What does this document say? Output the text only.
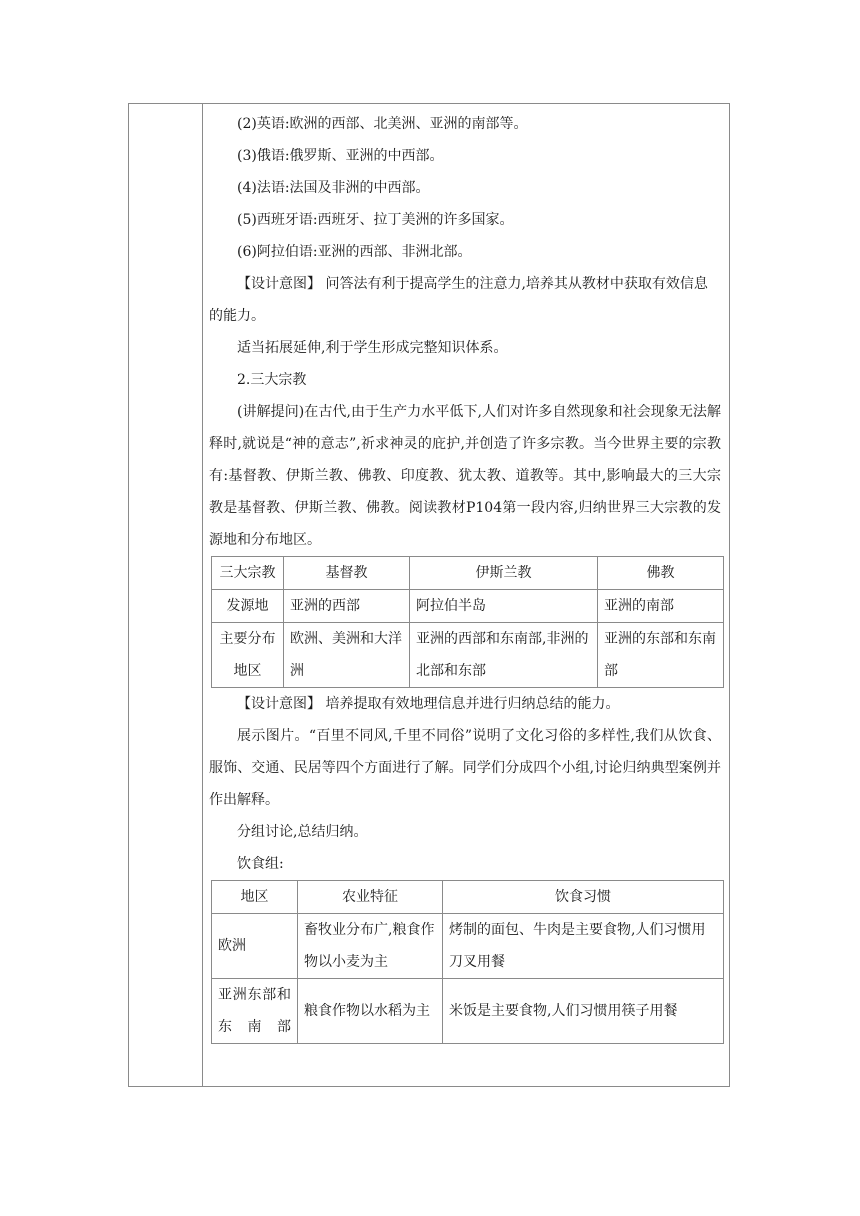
(2)英语:欧洲的西部、北美洲、亚洲的南部等。

(3)俄语:俄罗斯、亚洲的中西部。

(4)法语:法国及非洲的中西部。

(5)西班牙语:西班牙、拉丁美洲的许多国家。

(6)阿拉伯语:亚洲的西部、非洲北部。

【设计意图】 问答法有利于提高学生的注意力,培养其从教材中获取有效信息的能力。

适当拓展延伸,利于学生形成完整知识体系。

2.三大宗教

(讲解提问)在古代,由于生产力水平低下,人们对许多自然现象和社会现象无法解释时,就说是“神的意志”,祈求神灵的庇护,并创造了许多宗教。当今世界主要的宗教有:基督教、伊斯兰教、佛教、印度教、犹太教、道教等。其中,影响最大的三大宗教是基督教、伊斯兰教、佛教。阅读教材P104第一段内容,归纳世界三大宗教的发源地和分布地区。

三大宗教	基督教	伊斯兰教	佛教
发源地	亚洲的西部	阿拉伯半岛	亚洲的南部
主要分布地区	欧洲、美洲和大洋洲	亚洲的西部和东南部,非洲的北部和东部	亚洲的东部和东南部

【设计意图】 培养提取有效地理信息并进行归纳总结的能力。

展示图片。“百里不同风,千里不同俗”说明了文化习俗的多样性,我们从饮食、服饰、交通、民居等四个方面进行了解。同学们分成四个小组,讨论归纳典型案例并作出解释。

分组讨论,总结归纳。

饮食组:

地区	农业特征	饮食习惯
欧洲	畜牧业分布广,粮食作物以小麦为主	烤制的面包、牛肉是主要食物,人们习惯用刀叉用餐
亚洲东部和东南部	粮食作物以水稻为主	米饭是主要食物,人们习惯用筷子用餐
